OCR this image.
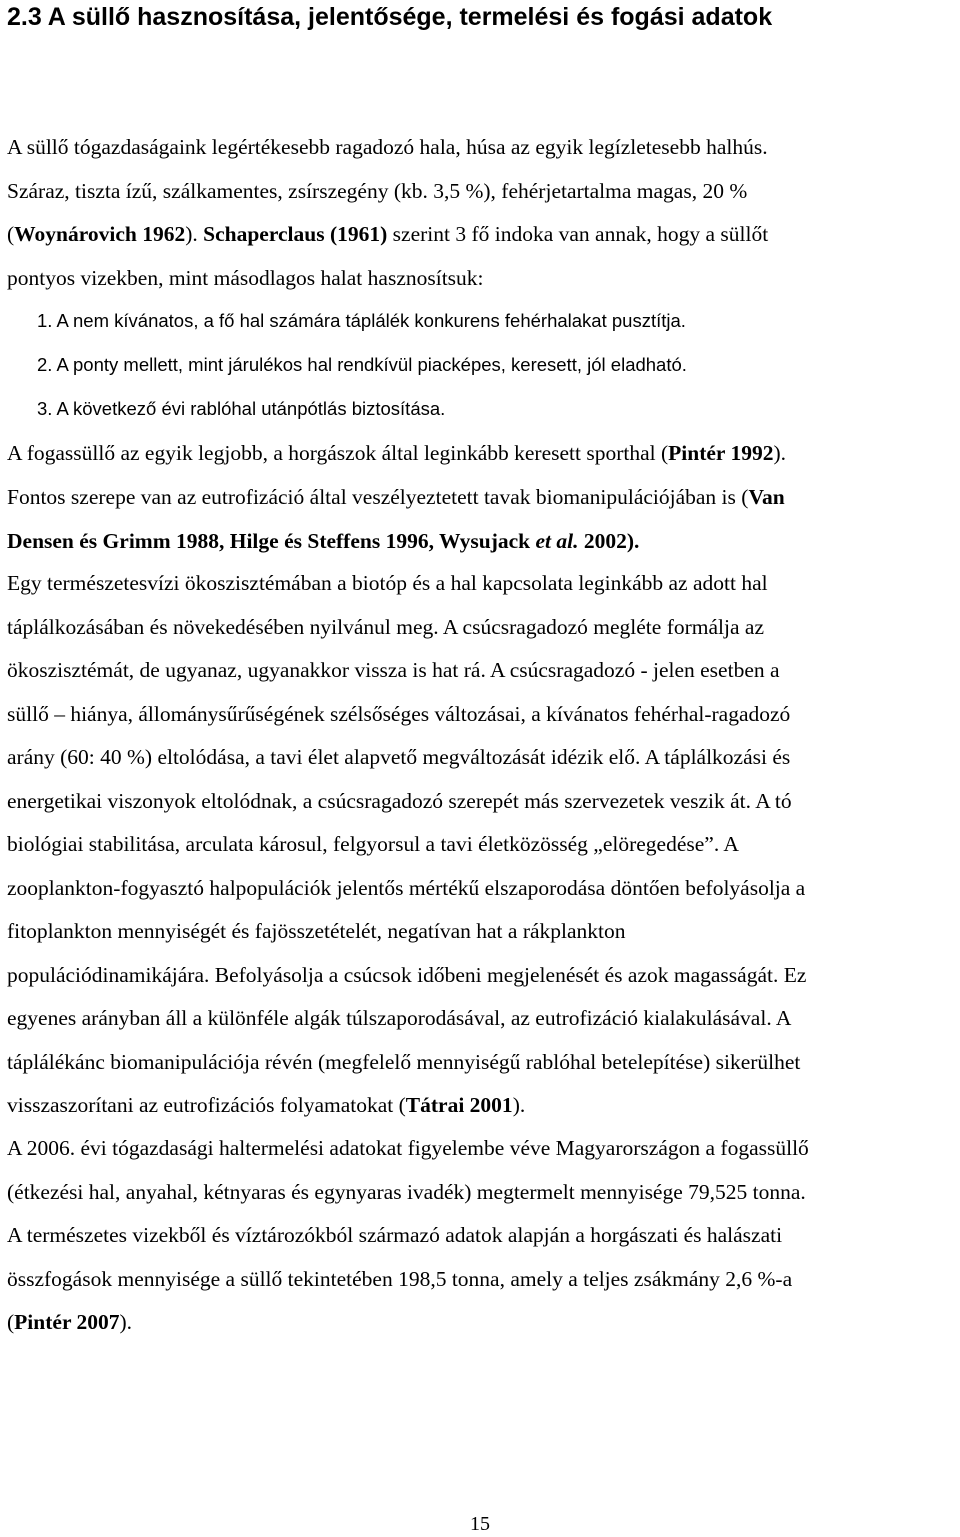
2.3 A süllő hasznosítása, jelentősége, termelési és fogási adatok
A süllő tógazdaságaink legértékesebb ragadozó hala, húsa az egyik legízletesebb halhús.
Száraz, tiszta ízű, szálkamentes, zsírszegény (kb. 3,5 %), fehérjetartalma magas, 20 %
(Woynárovich 1962). Schaperclaus (1961) szerint 3 fő indoka van annak, hogy a süllőt
pontyos vizekben, mint másodlagos halat hasznosítsuk:
1. A nem kívánatos, a fő hal számára táplálék konkurens fehérhalakat pusztítja.
2. A ponty mellett, mint járulékos hal rendkívül piacképes, keresett, jól eladható.
3. A következő évi rablóhal utánpótlás biztosítása.
A fogassüllő az egyik legjobb, a horgászok által leginkább keresett sporthal (Pintér 1992).
Fontos szerepe van az eutrofizáció által veszélyeztetett tavak biomanipulációjában is (Van
Densen és Grimm 1988, Hilge és Steffens 1996, Wysujack et al. 2002).
Egy természetesvízi ökoszisztémában a biotóp és a hal kapcsolata leginkább az adott hal
táplálkozásában és növekedésében nyilvánul meg. A csúcsragadozó megléte formálja az
ökoszisztémát, de ugyanaz, ugyanakkor vissza is hat rá. A csúcsragadozó - jelen esetben a
süllő – hiánya, állománysűrűségének szélsőséges változásai, a kívánatos fehérhal-ragadozó
arány (60: 40 %) eltolódása, a tavi élet alapvető megváltozását idézik elő. A táplálkozási és
energetikai viszonyok eltolódnak, a csúcsragadozó szerepét más szervezetek veszik át. A tó
biológiai stabilitása, arculata károsul, felgyorsul a tavi életközösség „elöregedése”. A
zooplankton-fogyasztó halpopulációk jelentős mértékű elszaporodása döntően befolyásolja a
fitoplankton mennyiségét és fajösszetételét, negatívan hat a rákplankton
populációdinamikájára. Befolyásolja a csúcsok időbeni megjelenését és azok magasságát. Ez
egyenes arányban áll a különféle algák túlszaporodásával, az eutrofizáció kialakulásával. A
táplálékánc biomanipulációja révén (megfelelő mennyiségű rablóhal betelepítése) sikerülhet
visszaszorítani az eutrofizációs folyamatokat (Tátrai 2001).
A 2006. évi tógazdasági haltermelési adatokat figyelembe véve Magyarországon a fogassüllő
(étkezési hal, anyahal, kétnyaras és egynyaras ivadék) megtermelt mennyisége 79,525 tonna.
A természetes vizekből és víztározókból származó adatok alapján a horgászati és halászati
összfogások mennyisége a süllő tekintetében 198,5 tonna, amely a teljes zsákmány 2,6 %-a
(Pintér 2007).
15
